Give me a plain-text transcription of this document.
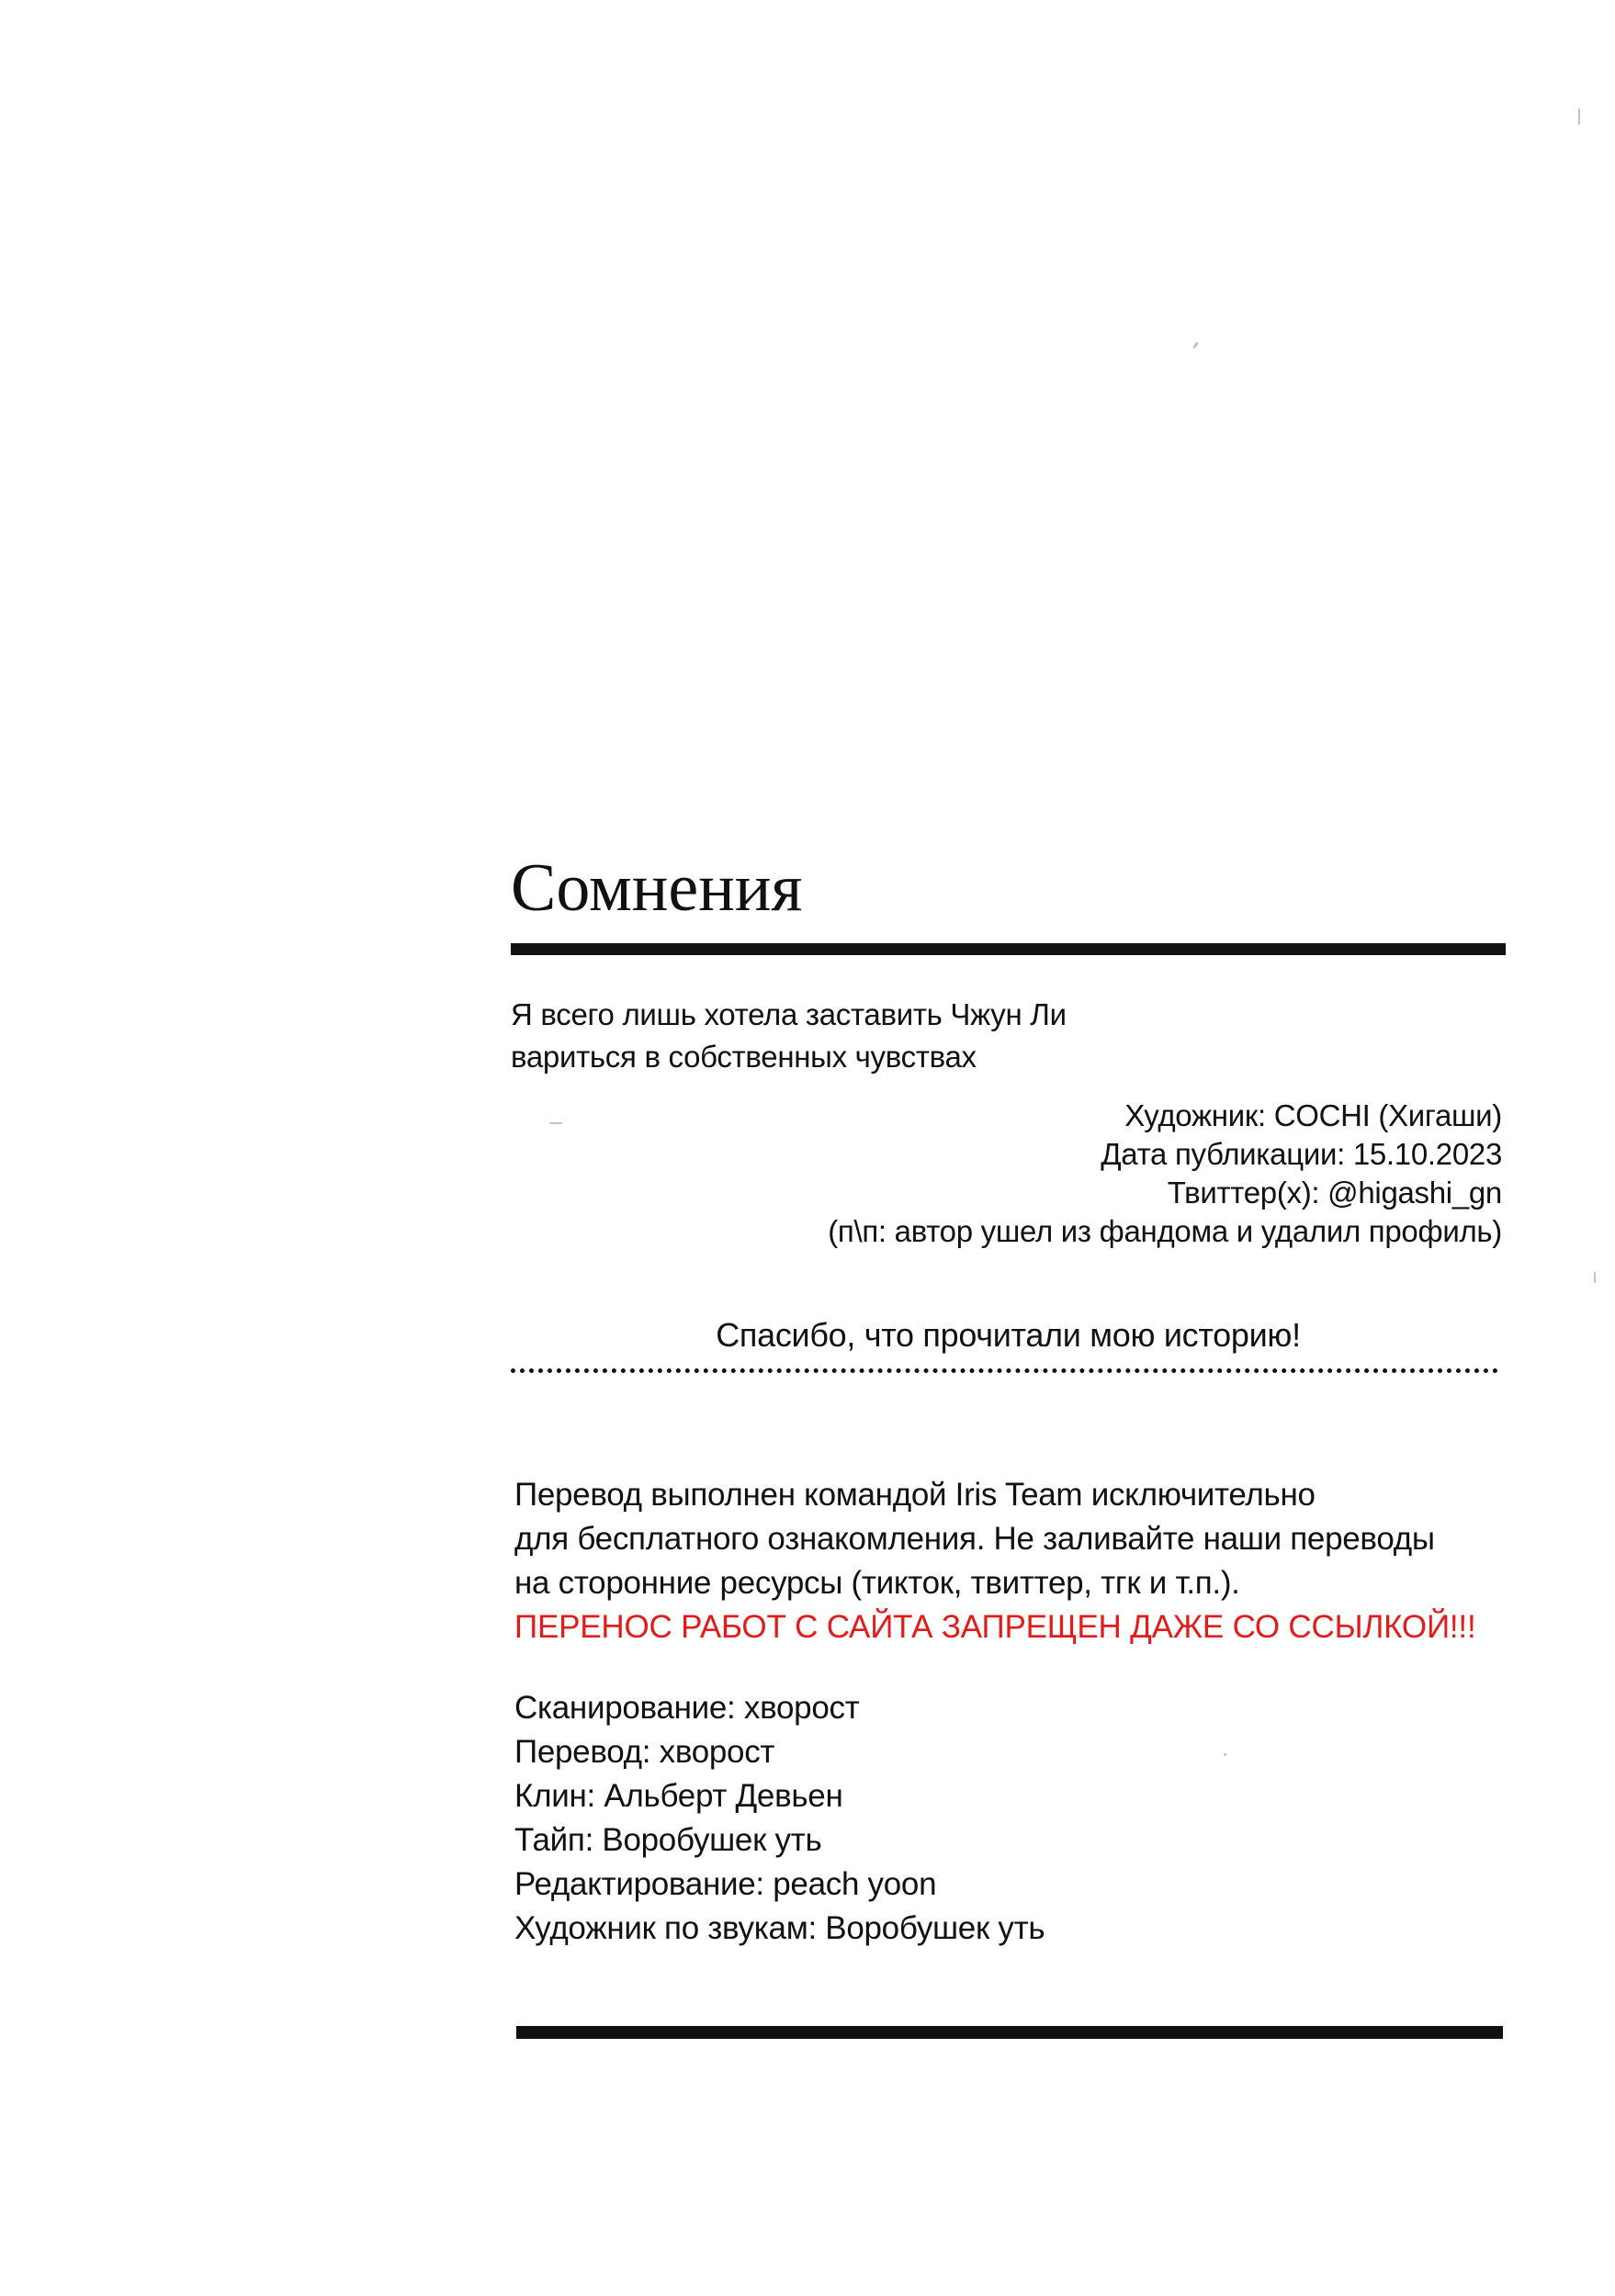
Сомнения
Я всего лишь хотела заставить Чжун Ли
вариться в собственных чувствах
Художник: COCHI (Хигаши)
Дата публикации: 15.10.2023
Твиттер(x): @higashi_gn
(п\п: автор ушел из фандома и удалил профиль)
Спасибо, что прочитали мою историю!
Перевод выполнен командой Iris Team исключительно
для бесплатного ознакомления. Не заливайте наши переводы
на сторонние ресурсы (тикток, твиттер, тгк и т.п.).
ПЕРЕНОС РАБОТ С САЙТА ЗАПРЕЩЕН ДАЖЕ СО ССЫЛКОЙ!!!
Сканирование: хворост
Перевод: хворост
Клин: Альберт Девьен
Тайп: Воробушек уть
Редактирование: peach yoon
Художник по звукам: Воробушек уть
